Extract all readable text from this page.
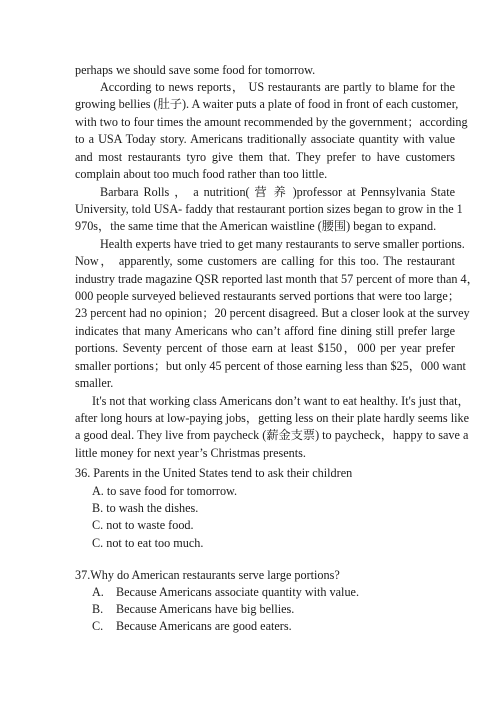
perhaps we should save some food for tomorrow.
According to news reports， US restaurants are partly to blame for the
growing bellies (肚子). A waiter puts a plate of food in front of each customer,
with two to four times the amount recommended by the government；according
to a USA Today story. Americans traditionally associate quantity with value
and most restaurants tyro give them that. They prefer to have customers
complain about too much food rather than too little.
Barbara Rolls ， a nutrition( 营 养 )professor at Pennsylvania State
University, told USA- faddy that restaurant portion sizes began to grow in the 1
970s，the same time that the American waistline (腰围) began to expand.
Health experts have tried to get many restaurants to serve smaller portions.
Now， apparently, some customers are calling for this too. The restaurant
industry trade magazine QSR reported last month that 57 percent of more than 4，
000 people surveyed believed restaurants served portions that were too large；
23 percent had no opinion；20 percent disagreed. But a closer look at the survey
indicates that many Americans who can’t afford fine dining still prefer large
portions. Seventy percent of those earn at least $150，000 per year prefer
smaller portions；but only 45 percent of those earning less than $25，000 want
smaller.
It's not that working class Americans don’t want to eat healthy. It's just that，
after long hours at low-paying jobs，getting less on their plate hardly seems like
a good deal. They live from paycheck (薪金支票) to paycheck，happy to save a
little money for next year’s Christmas presents.
36. Parents in the United States tend to ask their children
A. to save food for tomorrow.
B. to wash the dishes.
C. not to waste food.
C. not to eat too much.
37.Why do American restaurants serve large portions?
A. Because Americans associate quantity with value.
B. Because Americans have big bellies.
C. Because Americans are good eaters.
